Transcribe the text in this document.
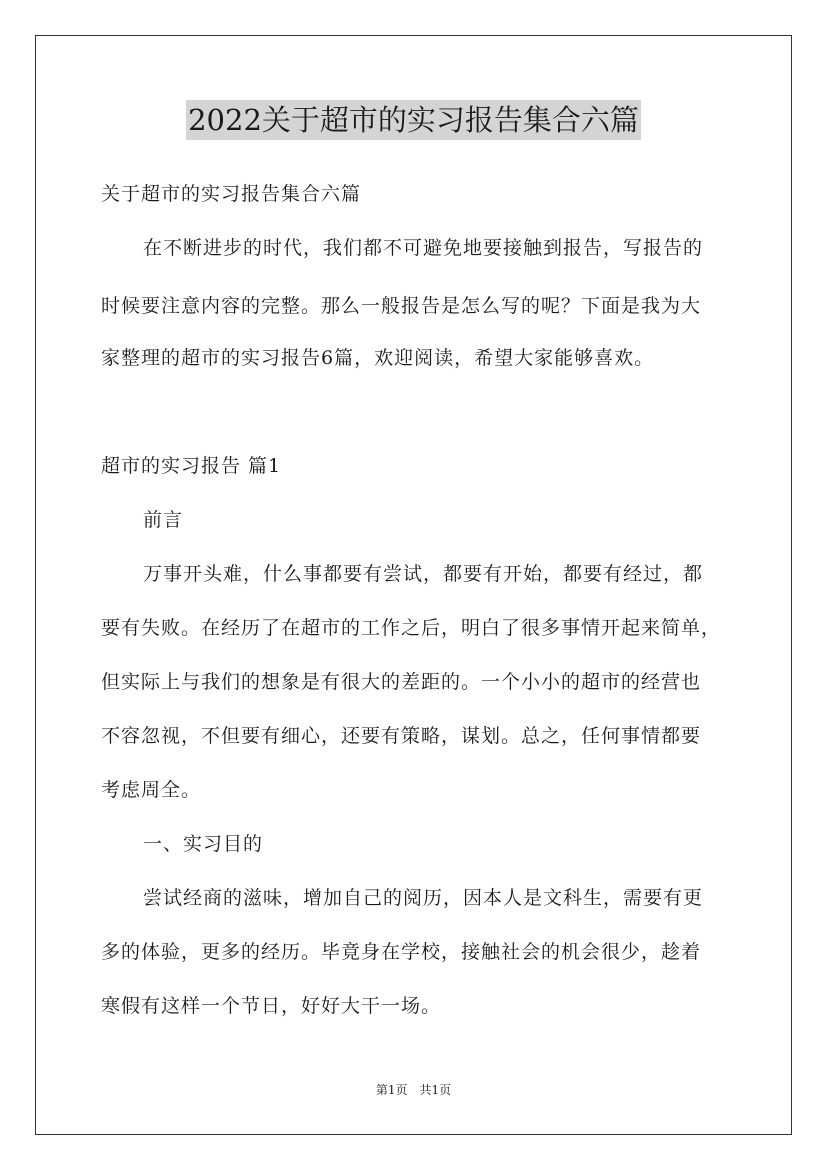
2022关于超市的实习报告集合六篇
关于超市的实习报告集合六篇
在不断进步的时代，我们都不可避免地要接触到报告，写报告的
时候要注意内容的完整。那么一般报告是怎么写的呢？下面是我为大
家整理的超市的实习报告6篇，欢迎阅读，希望大家能够喜欢。
超市的实习报告 篇1
前言
万事开头难，什么事都要有尝试，都要有开始，都要有经过，都
要有失败。在经历了在超市的工作之后，明白了很多事情开起来简单，
但实际上与我们的想象是有很大的差距的。一个小小的超市的经营也
不容忽视，不但要有细心，还要有策略，谋划。总之，任何事情都要
考虑周全。
一、实习目的
尝试经商的滋味，增加自己的阅历，因本人是文科生，需要有更
多的体验，更多的经历。毕竟身在学校，接触社会的机会很少，趁着
寒假有这样一个节日，好好大干一场。
第1页　共1页
